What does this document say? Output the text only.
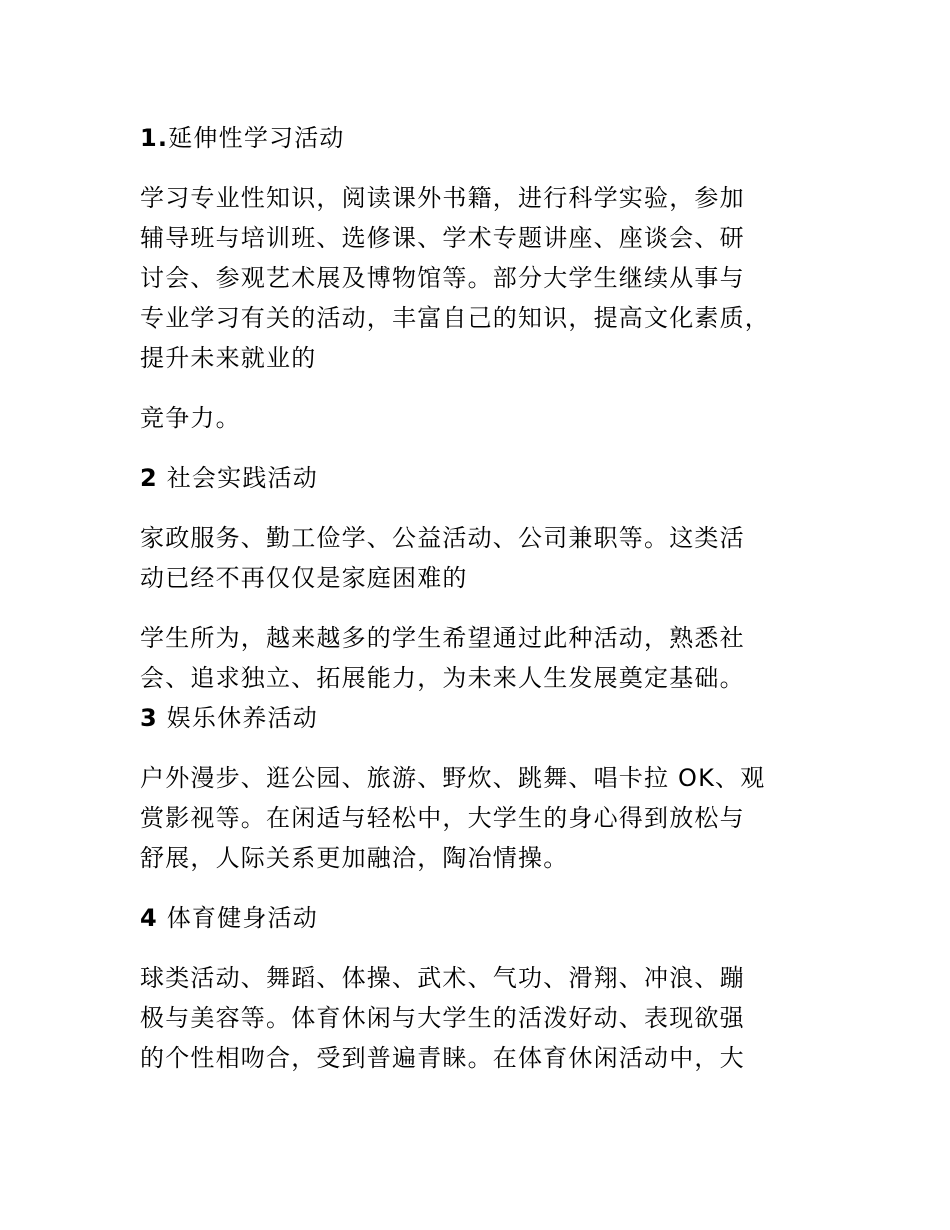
1.延伸性学习活动
学习专业性知识，阅读课外书籍，进行科学实验，参加
辅导班与培训班、选修课、学术专题讲座、座谈会、研
讨会、参观艺术展及博物馆等。部分大学生继续从事与
专业学习有关的活动，丰富自己的知识，提高文化素质，
提升未来就业的
竞争力。
2 社会实践活动
家政服务、勤工俭学、公益活动、公司兼职等。这类活
动已经不再仅仅是家庭困难的
学生所为，越来越多的学生希望通过此种活动，熟悉社
会、追求独立、拓展能力，为未来人生发展奠定基础。
3 娱乐休养活动
户外漫步、逛公园、旅游、野炊、跳舞、唱卡拉 OK、观
赏影视等。在闲适与轻松中，大学生的身心得到放松与
舒展，人际关系更加融洽，陶冶情操。
4 体育健身活动
球类活动、舞蹈、体操、武术、气功、滑翔、冲浪、蹦
极与美容等。体育休闲与大学生的活泼好动、表现欲强
的个性相吻合，受到普遍青睐。在体育休闲活动中，大
